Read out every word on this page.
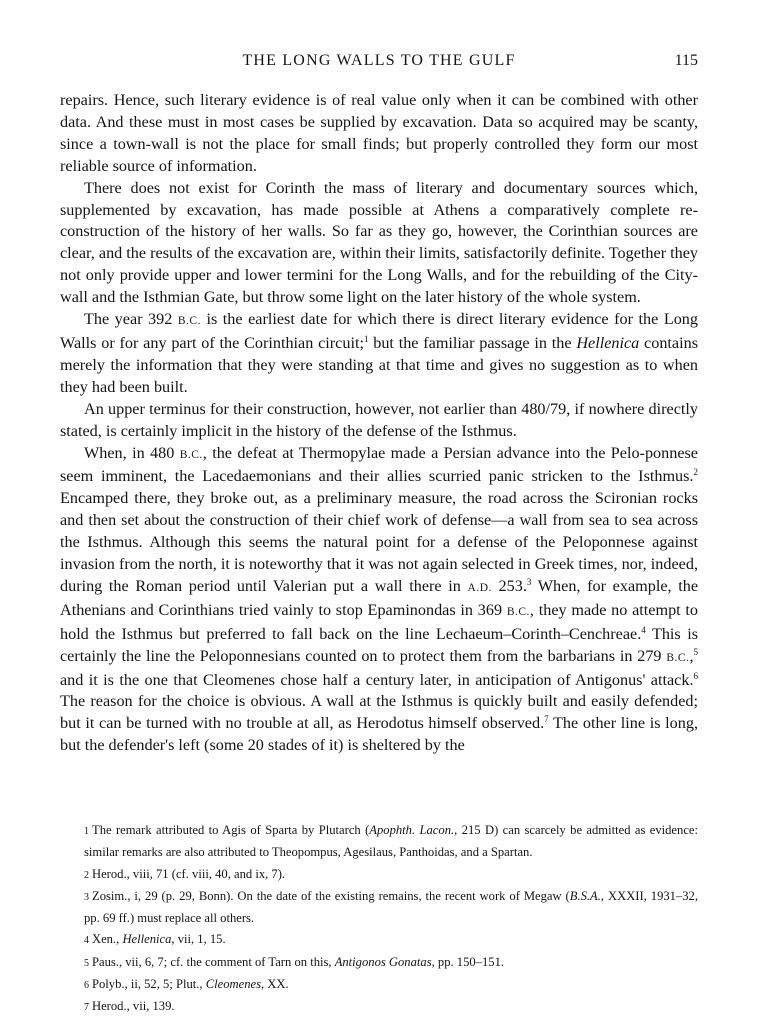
THE LONG WALLS TO THE GULF	115

repairs. Hence, such literary evidence is of real value only when it can be combined with other data. And these must in most cases be supplied by excavation. Data so acquired may be scanty, since a town-wall is not the place for small finds; but properly controlled they form our most reliable source of information.

There does not exist for Corinth the mass of literary and documentary sources which, supplemented by excavation, has made possible at Athens a comparatively complete re-construction of the history of her walls. So far as they go, however, the Corinthian sources are clear, and the results of the excavation are, within their limits, satisfactorily definite. Together they not only provide upper and lower termini for the Long Walls, and for the rebuilding of the City-wall and the Isthmian Gate, but throw some light on the later history of the whole system.

The year 392 B.C. is the earliest date for which there is direct literary evidence for the Long Walls or for any part of the Corinthian circuit;$^1$ but the familiar passage in the Hellenica contains merely the information that they were standing at that time and gives no suggestion as to when they had been built.

An upper terminus for their construction, however, not earlier than 480/79, if nowhere directly stated, is certainly implicit in the history of the defense of the Isthmus.

When, in 480 B.C., the defeat at Thermopylae made a Persian advance into the Pelo-ponnese seem imminent, the Lacedaemonians and their allies scurried panic stricken to the Isthmus.$^2$ Encamped there, they broke out, as a preliminary measure, the road across the Scironian rocks and then set about the construction of their chief work of defense—a wall from sea to sea across the Isthmus. Although this seems the natural point for a defense of the Peloponnese against invasion from the north, it is noteworthy that it was not again selected in Greek times, nor, indeed, during the Roman period until Valerian put a wall there in A.D. 253.$^3$ When, for example, the Athenians and Corinthians tried vainly to stop Epaminondas in 369 B.C., they made no attempt to hold the Isthmus but preferred to fall back on the line Lechaeum–Corinth–Cenchreae.$^4$ This is certainly the line the Peloponnesians counted on to protect them from the barbarians in 279 B.C.,$^5$ and it is the one that Cleomenes chose half a century later, in anticipation of Antigonus' attack.$^6$ The reason for the choice is obvious. A wall at the Isthmus is quickly built and easily defended; but it can be turned with no trouble at all, as Herodotus himself observed.$^7$ The other line is long, but the defender's left (some 20 stades of it) is sheltered by the

1 The remark attributed to Agis of Sparta by Plutarch (Apophth. Lacon., 215 D) can scarcely be admitted as evidence: similar remarks are also attributed to Theopompus, Agesilaus, Panthoidas, and a Spartan.

2 Herod., viii, 71 (cf. viii, 40, and ix, 7).

3 Zosim., i, 29 (p. 29, Bonn). On the date of the existing remains, the recent work of Megaw (B.S.A., XXXII, 1931–32, pp. 69 ff.) must replace all others.

4 Xen., Hellenica, vii, 1, 15.

5 Paus., vii, 6, 7; cf. the comment of Tarn on this, Antigonos Gonatas, pp. 150–151.

6 Polyb., ii, 52, 5; Plut., Cleomenes, XX.

7 Herod., vii, 139.
